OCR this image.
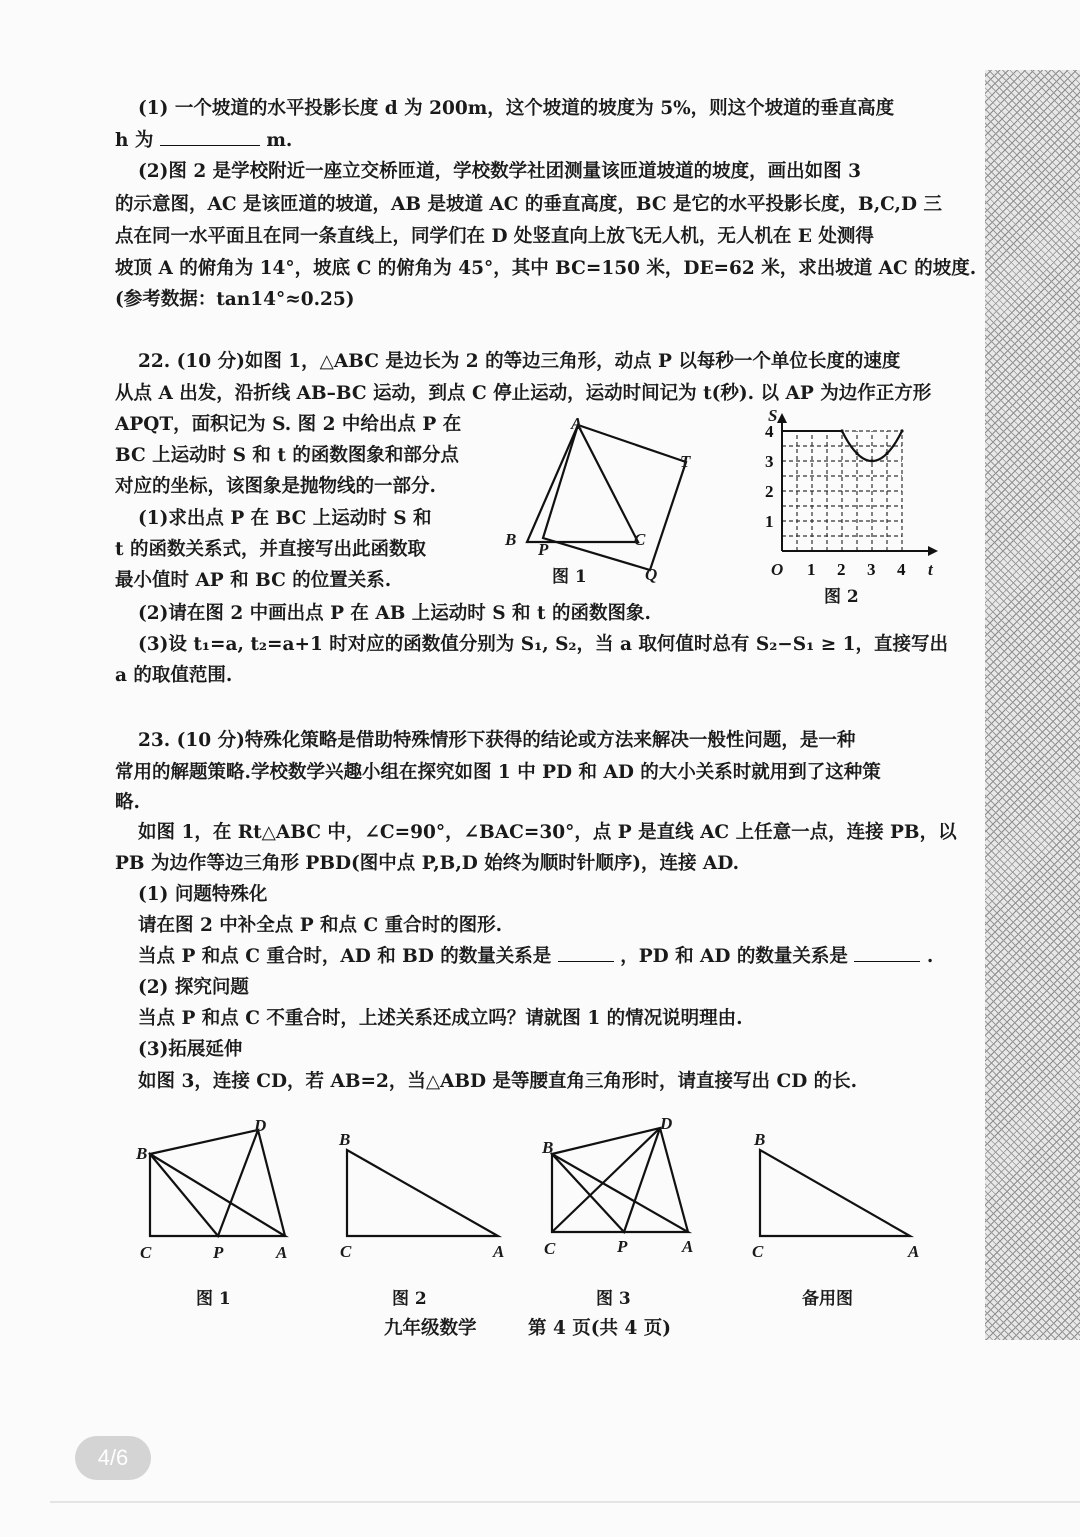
(1) 一个坡道的水平投影长度 d 为 200m，这个坡道的坡度为 5%，则这个坡道的垂直高度
h 为	m.
(2)图 2 是学校附近一座立交桥匝道，学校数学社团测量该匝道坡道的坡度，画出如图 3
的示意图，AC 是该匝道的坡道，AB 是坡道 AC 的垂直高度，BC 是它的水平投影长度，B,C,D 三
点在同一水平面且在同一条直线上，同学们在 D 处竖直向上放飞无人机，无人机在 E 处测得
坡顶 A 的俯角为 14°，坡底 C 的俯角为 45°，其中 BC=150 米，DE=62 米，求出坡道 AC 的坡度.
(参考数据：tan14°≈0.25)
22. (10 分)如图 1，△ABC 是边长为 2 的等边三角形，动点 P 以每秒一个单位长度的速度
从点 A 出发，沿折线 AB–BC 运动，到点 C 停止运动，运动时间记为 t(秒). 以 AP 为边作正方形
APQT，面积记为 S. 图 2 中给出点 P 在
BC 上运动时 S 和 t 的函数图象和部分点
对应的坐标，该图象是抛物线的一部分.
(1)求出点 P 在 BC 上运动时 S 和
t 的函数关系式，并直接写出此函数取
最小值时 AP 和 BC 的位置关系.
(2)请在图 2 中画出点 P 在 AB 上运动时 S 和 t 的函数图象.
(3)设 t₁=a, t₂=a+1 时对应的函数值分别为 S₁, S₂，当 a 取何值时总有 S₂−S₁ ≥ 1，直接写出
a 的取值范围.
A
B	C
P
Q
T
图 1	1 2 3 4
1
2
3
4
S
t
O
图 2
23. (10 分)特殊化策略是借助特殊情形下获得的结论或方法来解决一般性问题，是一种
常用的解题策略.学校数学兴趣小组在探究如图 1 中 PD 和 AD 的大小关系时就用到了这种策
略.
如图 1，在 Rt△ABC 中，∠C=90°，∠BAC=30°，点 P 是直线 AC 上任意一点，连接 PB，以
PB 为边作等边三角形 PBD(图中点 P,B,D 始终为顺时针顺序)，连接 AD.
(1) 问题特殊化
请在图 2 中补全点 P 和点 C 重合时的图形.
当点 P 和点 C 重合时，AD 和 BD 的数量关系是	，PD 和 AD 的数量关系是	.
(2) 探究问题
当点 P 和点 C 不重合时，上述关系还成立吗？请就图 1 的情况说明理由.
(3)拓展延伸
如图 3，连接 CD，若 AB=2，当△ABD 是等腰直角三角形时，请直接写出 CD 的长.
B
D
C	P	A
图 1
B
C	A
图 2
B
D
C	P	A
图 3
B
C	A
备用图
九年级数学	第 4 页(共 4 页)
4/6
